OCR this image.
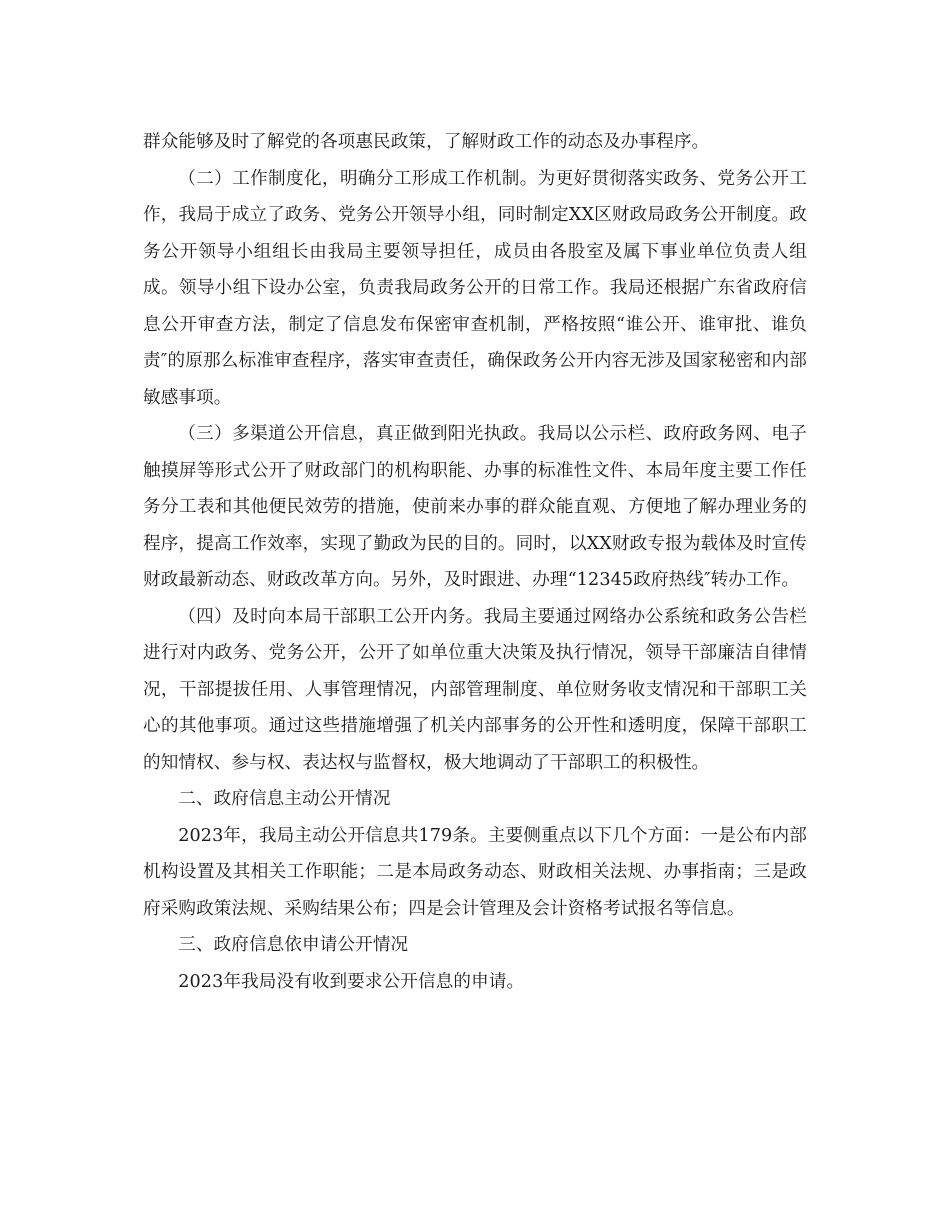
群众能够及时了解党的各项惠民政策，了解财政工作的动态及办事程序。

（二）工作制度化，明确分工形成工作机制。为更好贯彻落实政务、党务公开工作，我局于成立了政务、党务公开领导小组，同时制定XX区财政局政务公开制度。政务公开领导小组组长由我局主要领导担任，成员由各股室及属下事业单位负责人组成。领导小组下设办公室，负责我局政务公开的日常工作。我局还根据广东省政府信息公开审查方法，制定了信息发布保密审查机制，严格按照“谁公开、谁审批、谁负责″的原那么标准审查程序，落实审查责任，确保政务公开内容无涉及国家秘密和内部敏感事项。

（三）多渠道公开信息，真正做到阳光执政。我局以公示栏、政府政务网、电子触摸屏等形式公开了财政部门的机构职能、办事的标准性文件、本局年度主要工作任务分工表和其他便民效劳的措施，使前来办事的群众能直观、方便地了解办理业务的程序，提高工作效率，实现了勤政为民的目的。同时，以XX财政专报为载体及时宣传财政最新动态、财政改革方向。另外，及时跟进、办理“12345政府热线″转办工作。

（四）及时向本局干部职工公开内务。我局主要通过网络办公系统和政务公告栏进行对内政务、党务公开，公开了如单位重大决策及执行情况，领导干部廉洁自律情况，干部提拔任用、人事管理情况，内部管理制度、单位财务收支情况和干部职工关心的其他事项。通过这些措施增强了机关内部事务的公开性和透明度，保障干部职工的知情权、参与权、表达权与监督权，极大地调动了干部职工的积极性。

二、政府信息主动公开情况

2023年，我局主动公开信息共179条。主要侧重点以下几个方面：一是公布内部机构设置及其相关工作职能；二是本局政务动态、财政相关法规、办事指南；三是政府采购政策法规、采购结果公布；四是会计管理及会计资格考试报名等信息。

三、政府信息依申请公开情况

2023年我局没有收到要求公开信息的申请。
